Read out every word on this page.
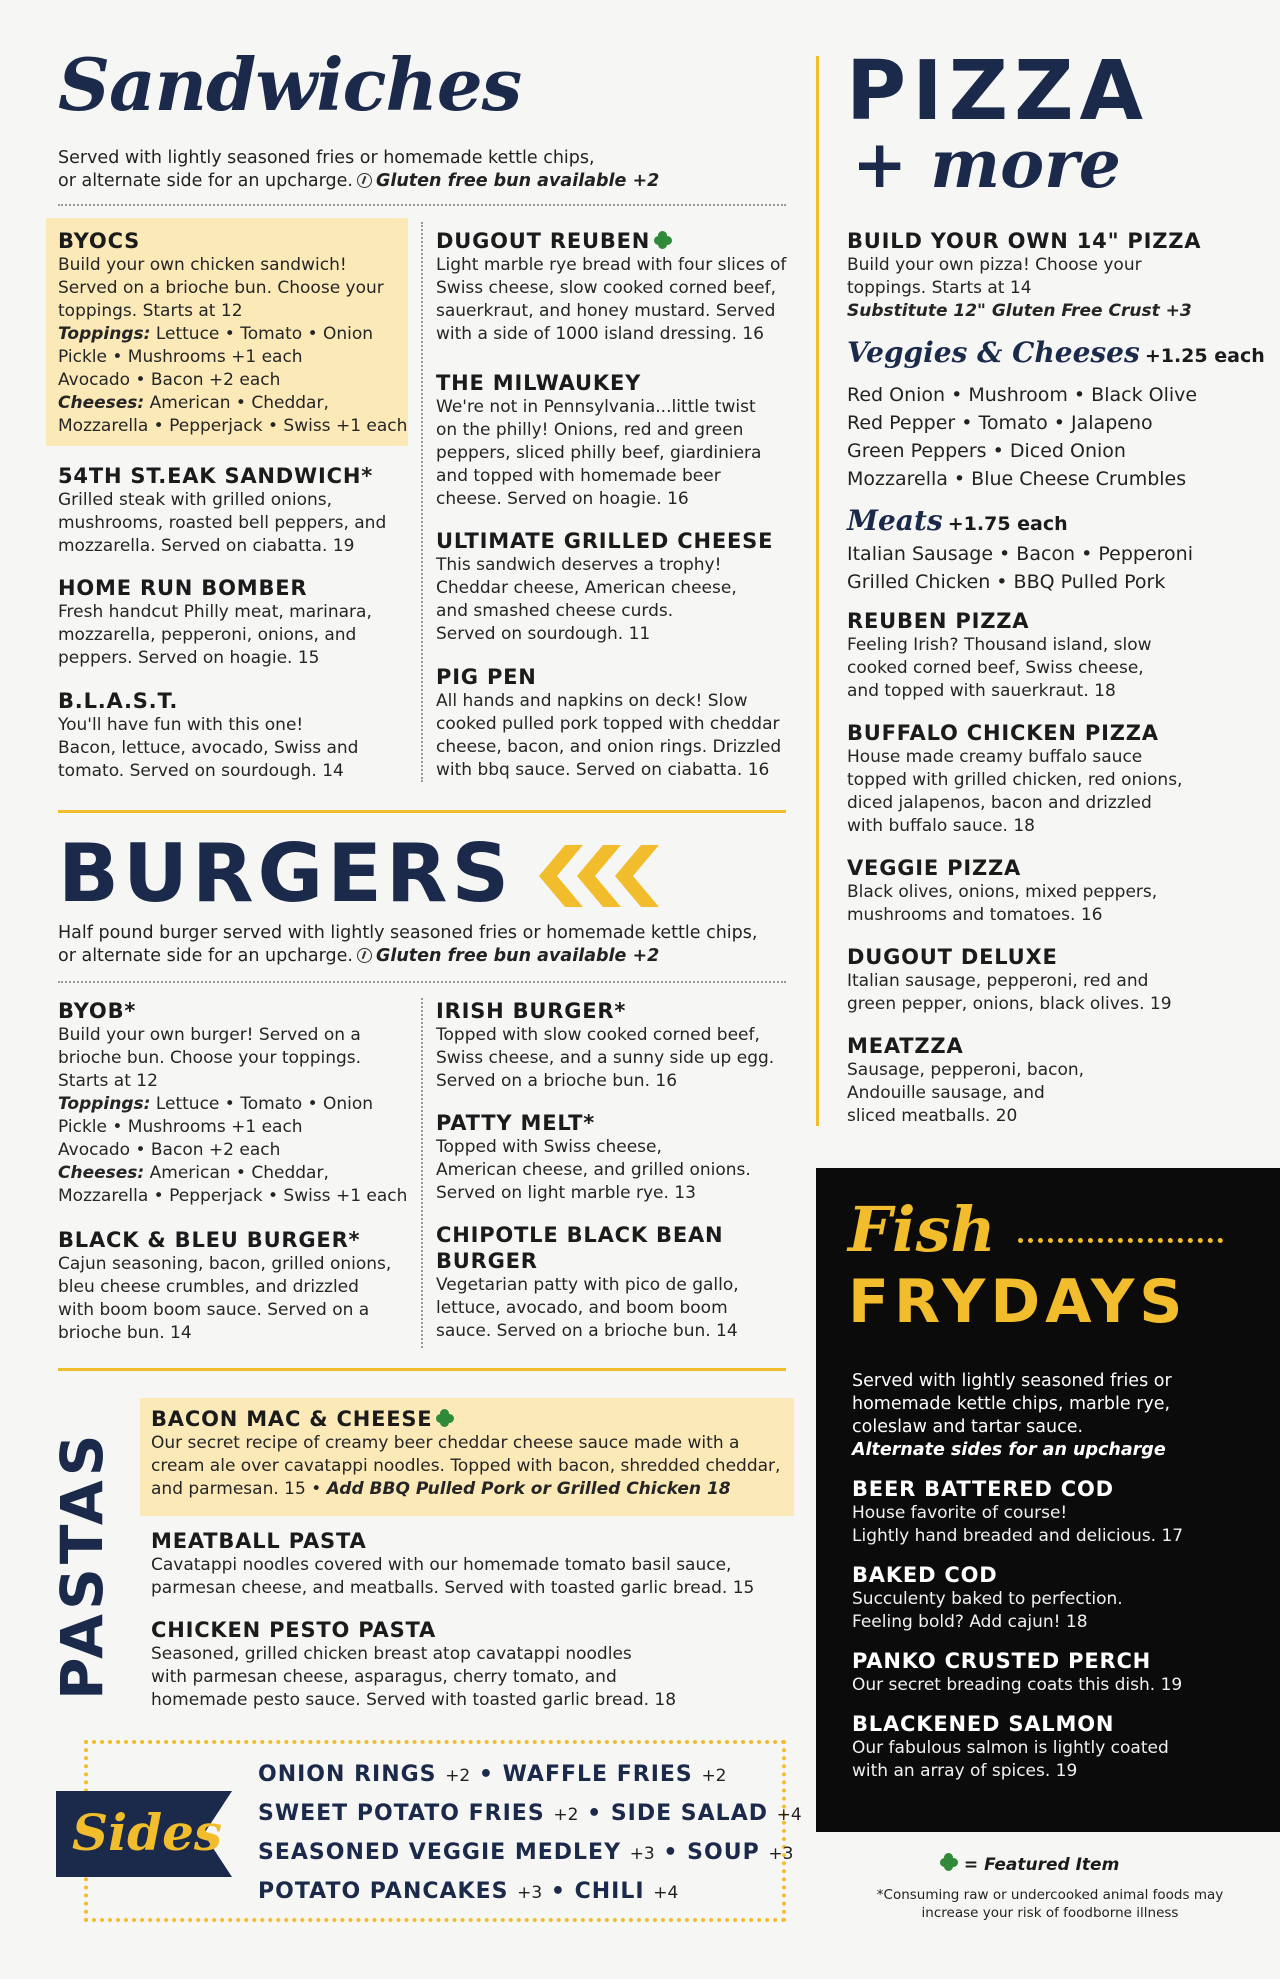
Sandwiches
Served with lightly seasoned fries or homemade kettle chips,
or alternate side for an upcharge. Gluten free bun available +2
BYOCS

Build your own chicken sandwich!

Served on a brioche bun. Choose your

toppings. Starts at 12

Toppings: Lettuce • Tomato • Onion

Pickle • Mushrooms +1 each

Avocado • Bacon +2 each

Cheeses: American • Cheddar,

Mozzarella • Pepperjack • Swiss +1 each

54TH ST.EAK SANDWICH*

Grilled steak with grilled onions,

mushrooms, roasted bell peppers, and

mozzarella. Served on ciabatta. 19

HOME RUN BOMBER

Fresh handcut Philly meat, marinara,

mozzarella, pepperoni, onions, and

peppers. Served on hoagie. 15

B.L.A.S.T.

You'll have fun with this one!

Bacon, lettuce, avocado, Swiss and

tomato. Served on sourdough. 14

DUGOUT REUBEN

Light marble rye bread with four slices of

Swiss cheese, slow cooked corned beef,

sauerkraut, and honey mustard. Served

with a side of 1000 island dressing. 16

THE MILWAUKEY

We're not in Pennsylvania...little twist

on the philly! Onions, red and green

peppers, sliced philly beef, giardiniera

and topped with homemade beer

cheese. Served on hoagie. 16

ULTIMATE GRILLED CHEESE

This sandwich deserves a trophy!

Cheddar cheese, American cheese,

and smashed cheese curds.

Served on sourdough. 11

PIG PEN

All hands and napkins on deck! Slow

cooked pulled pork topped with cheddar

cheese, bacon, and onion rings. Drizzled

with bbq sauce. Served on ciabatta. 16

BURGERS
Half pound burger served with lightly seasoned fries or homemade kettle chips,
or alternate side for an upcharge. Gluten free bun available +2
BYOB*

Build your own burger! Served on a

brioche bun. Choose your toppings.

Starts at 12

Toppings: Lettuce • Tomato • Onion

Pickle • Mushrooms +1 each

Avocado • Bacon +2 each

Cheeses: American • Cheddar,

Mozzarella • Pepperjack • Swiss +1 each

BLACK & BLEU BURGER*

Cajun seasoning, bacon, grilled onions,

bleu cheese crumbles, and drizzled

with boom boom sauce. Served on a

brioche bun. 14

IRISH BURGER*

Topped with slow cooked corned beef,

Swiss cheese, and a sunny side up egg.

Served on a brioche bun. 16

PATTY MELT*

Topped with Swiss cheese,

American cheese, and grilled onions.

Served on light marble rye. 13

CHIPOTLE BLACK BEAN
BURGER

Vegetarian patty with pico de gallo,

lettuce, avocado, and boom boom

sauce. Served on a brioche bun. 14

PASTAS
BACON MAC & CHEESE

Our secret recipe of creamy beer cheddar cheese sauce made with a

cream ale over cavatappi noodles. Topped with bacon, shredded cheddar,

and parmesan. 15 • Add BBQ Pulled Pork or Grilled Chicken 18

MEATBALL PASTA

Cavatappi noodles covered with our homemade tomato basil sauce,

parmesan cheese, and meatballs. Served with toasted garlic bread. 15

CHICKEN PESTO PASTA

Seasoned, grilled chicken breast atop cavatappi noodles

with parmesan cheese, asparagus, cherry tomato, and

homemade pesto sauce. Served with toasted garlic bread. 18

Sides
ONION RINGS +2 • WAFFLE FRIES +2
SWEET POTATO FRIES +2 • SIDE SALAD +4
SEASONED VEGGIE MEDLEY +3 • SOUP +3
POTATO PANCAKES +3 • CHILI +4
PIZZA
+ more
BUILD YOUR OWN 14" PIZZA

Build your own pizza! Choose your

toppings. Starts at 14

Substitute 12" Gluten Free Crust +3

Veggies & Cheeses +1.25 each
Red Onion • Mushroom • Black Olive
Red Pepper • Tomato • Jalapeno
Green Peppers • Diced Onion
Mozzarella • Blue Cheese Crumbles
Meats +1.75 each
Italian Sausage • Bacon • Pepperoni
Grilled Chicken • BBQ Pulled Pork
REUBEN PIZZA

Feeling Irish? Thousand island, slow

cooked corned beef, Swiss cheese,

and topped with sauerkraut. 18

BUFFALO CHICKEN PIZZA

House made creamy buffalo sauce

topped with grilled chicken, red onions,

diced jalapenos, bacon and drizzled

with buffalo sauce. 18

VEGGIE PIZZA

Black olives, onions, mixed peppers,

mushrooms and tomatoes. 16

DUGOUT DELUXE

Italian sausage, pepperoni, red and

green pepper, onions, black olives. 19

MEATZZA

Sausage, pepperoni, bacon,

Andouille sausage, and

sliced meatballs. 20

Fish
FRYDAYS
Served with lightly seasoned fries or
homemade kettle chips, marble rye,
coleslaw and tartar sauce.
Alternate sides for an upcharge
BEER BATTERED COD

House favorite of course!

Lightly hand breaded and delicious. 17

BAKED COD

Succulenty baked to perfection.

Feeling bold? Add cajun! 18

PANKO CRUSTED PERCH

Our secret breading coats this dish. 19

BLACKENED SALMON

Our fabulous salmon is lightly coated

with an array of spices. 19

= Featured Item
*Consuming raw or undercooked animal foods may
increase your risk of foodborne illness
